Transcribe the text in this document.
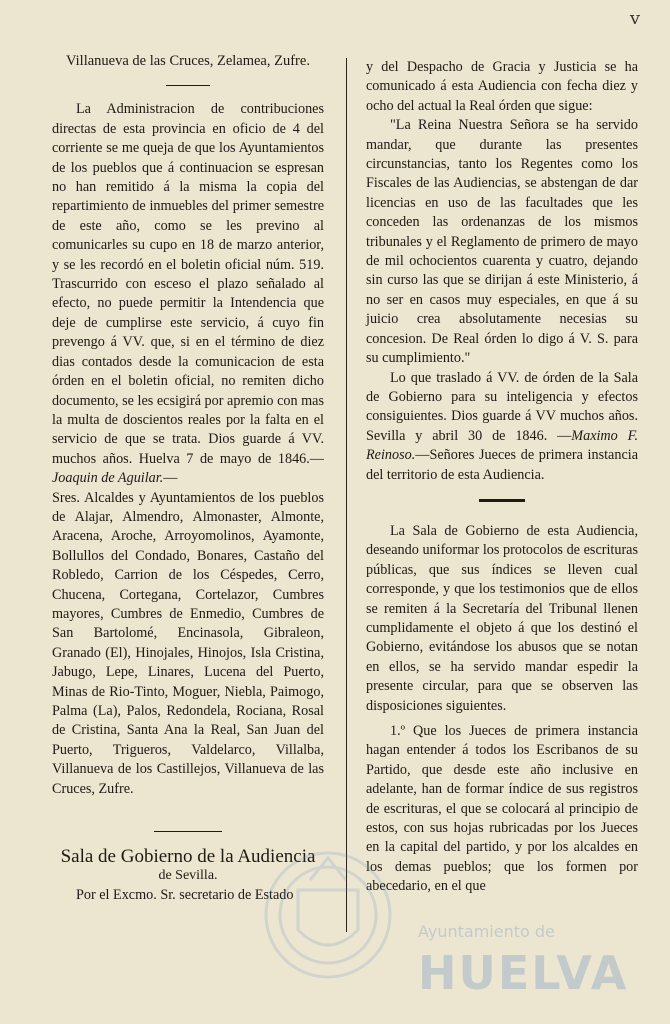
ⅴ

Villanueva de las Cruces, Zelamea, Zufre.

La Administracion de contribuciones directas de esta provincia en oficio de 4 del corriente se me queja de que los Ayuntamientos de los pueblos que á continuacion se espresan no han remitido á la misma la copia del repartimiento de inmuebles del primer semestre de este año, como se les previno al comunicarles su cupo en 18 de marzo anterior, y se les recordó en el boletin oficial núm. 519. Trascurrido con esceso el plazo señalado al efecto, no puede permitir la Intendencia que deje de cumplirse este servicio, á cuyo fin prevengo á VV. que, si en el término de diez dias contados desde la comunicacion de esta órden en el boletin oficial, no remiten dicho documento, se les ecsigirá por apremio con mas la multa de doscientos reales por la falta en el servicio de que se trata. Dios guarde á VV. muchos años. Huelva 7 de mayo de 1846.—Joaquin de Aguilar.—

Sres. Alcaldes y Ayuntamientos de los pueblos de Alajar, Almendro, Almonaster, Almonte, Aracena, Aroche, Arroyomolinos, Ayamonte, Bollullos del Condado, Bonares, Castaño del Robledo, Carrion de los Céspedes, Cerro, Chucena, Cortegana, Cortelazor, Cumbres mayores, Cumbres de Enmedio, Cumbres de San Bartolomé, Encinasola, Gibraleon, Granado (El), Hinojales, Hinojos, Isla Cristina, Jabugo, Lepe, Linares, Lucena del Puerto, Minas de Rio-Tinto, Moguer, Niebla, Paimogo, Palma (La), Palos, Redondela, Rociana, Rosal de Cristina, Santa Ana la Real, San Juan del Puerto, Trigueros, Valdelarco, Villalba, Villanueva de los Castillejos, Villanueva de las Cruces, Zufre.

Sala de Gobierno de la Audiencia

de Sevilla.

Por el Excmo. Sr. secretario de Estado

y del Despacho de Gracia y Justicia se ha comunicado á esta Audiencia con fecha diez y ocho del actual la Real órden que sigue:

"La Reina Nuestra Señora se ha servido mandar, que durante las presentes circunstancias, tanto los Regentes como los Fiscales de las Audiencias, se abstengan de dar licencias en uso de las facultades que les conceden las ordenanzas de los mismos tribunales y el Reglamento de primero de mayo de mil ochocientos cuarenta y cuatro, dejando sin curso las que se dirijan á este Ministerio, á no ser en casos muy especiales, en que á su juicio crea absolutamente necesias su concesion. De Real órden lo digo á V. S. para su cumplimiento."

Lo que traslado á VV. de órden de la Sala de Gobierno para su inteligencia y efectos consiguientes. Dios guarde á VV muchos años. Sevilla y abril 30 de 1846. —Maximo F. Reinoso.—Señores Jueces de primera instancia del territorio de esta Audiencia.

La Sala de Gobierno de esta Audiencia, deseando uniformar los protocolos de escrituras públicas, que sus índices se lleven cual corresponde, y que los testimonios que de ellos se remiten á la Secretaría del Tribunal llenen cumplidamente el objeto á que los destinó el Gobierno, evitándose los abusos que se notan en ellos, se ha servido mandar espedir la presente circular, para que se observen las disposiciones siguientes.

1.º Que los Jueces de primera instancia hagan entender á todos los Escribanos de su Partido, que desde este año inclusive en adelante, han de formar índice de sus registros de escrituras, el que se colocará al principio de estos, con sus hojas rubricadas por los Jueces en la capital del partido, y por los alcaldes en los demas pueblos; que los formen por abecedario, en el que

Ayuntamiento de
HUELVA
